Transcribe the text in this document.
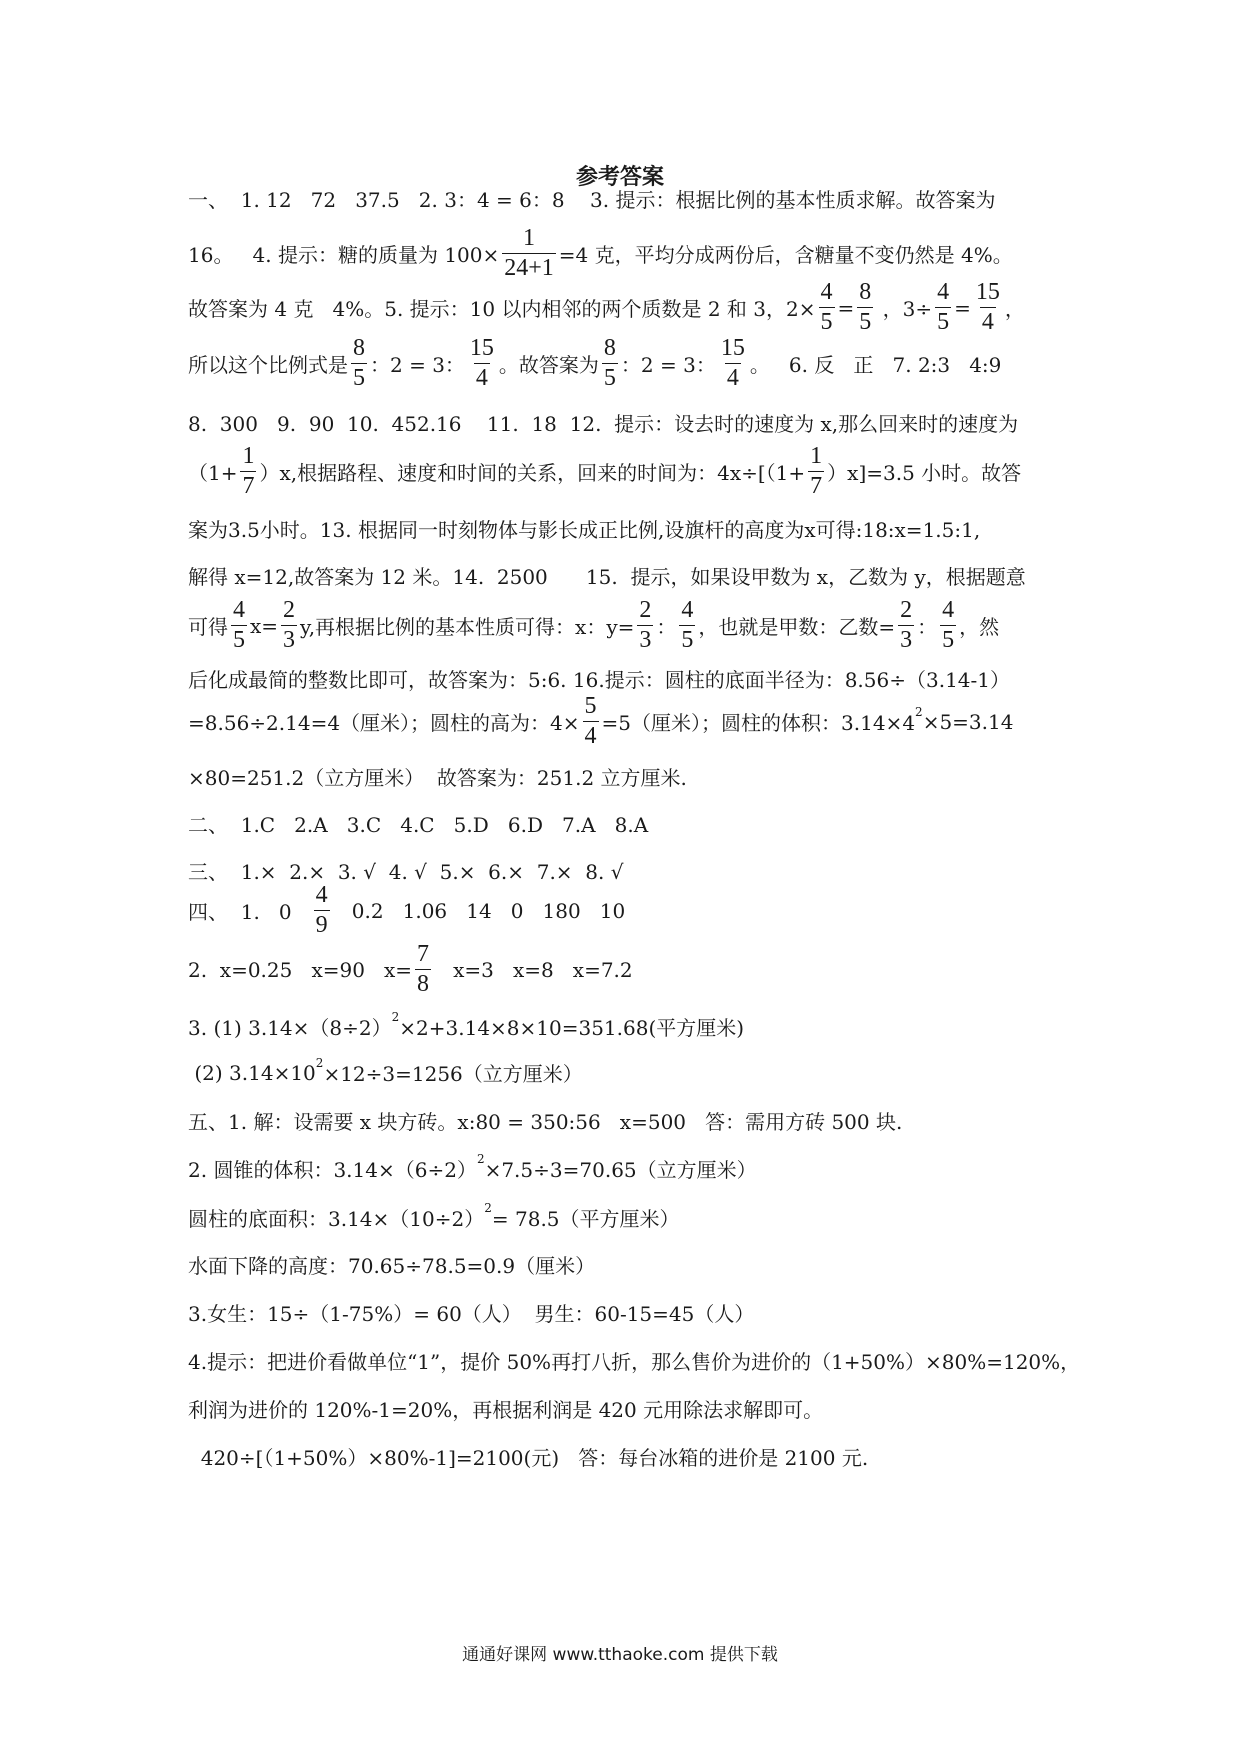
参考答案
一、  1. 12   72   37.5   2. 3：4 = 6：8    3. 提示：根据比例的基本性质求解。故答案为
16。   4. 提示：糖的质量为 $100\times \frac{1}{24+1} =4$ 克，平均分成两份后，含糖量不变仍然是 4%。
故答案为 4 克   4%。5. 提示：10 以内相邻的两个质数是 2 和 3，$2\times \frac{4}{5} = \frac{8}{5}$ ，$3\div \frac{4}{5} = \frac{15}{4}$ ，
所以这个比例式是 $\frac{8}{5}$ ：2 = 3： $\frac{15}{4}$ 。故答案为 $\frac{8}{5}$ ：2 = 3： $\frac{15}{4}$ 。   6. 反   正   7. 2:3   4:9
8.  300   9.  90  10.  452.16    11.  18  12.  提示：设去时的速度为 x,那么回来时的速度为
$(1+ \frac{1}{7} )x$,根据路程、速度和时间的关系，回来的时间为：$4x\div[(1+ \frac{1}{7} )x]=3.5$ 小时。故答
案为3.5小时。13. 根据同一时刻物体与影长成正比例,设旗杆的高度为x可得:18:x=1.5:1,
解得 x=12,故答案为 12 米。14.  2500      15.  提示，如果设甲数为 x，乙数为 y，根据题意
可得 $\frac{4}{5} x= \frac{2}{3} y$,再根据比例的基本性质可得：x：$y= \frac{2}{3}$ ： $\frac{4}{5}$ ，也就是甲数：乙数= $\frac{2}{3}$ ： $\frac{4}{5}$ ，然
后化成最简的整数比即可，故答案为：5:6. 16.提示：圆柱的底面半径为：8.56÷（3.14-1）
=8.56÷2.14=4（厘米）；圆柱的高为：$4\times \frac{5}{4} =5$（厘米）；圆柱的体积：3.14×4 2 ×5=3.14
×80=251.2（立方厘米）  故答案为：251.2 立方厘米.
二、  1.C   2.A   3.C   4.C   5.D   6.D   7.A   8.A
三、  1.×  2.×  3. √  4. √  5.×  6.×  7.×  8. √
四、  1.   $0 \frac{4}{9} 0.2$   1.06   14   0   180   10
2.  x=0.25   x=90   $x= \frac{7}{8} x=3$   x=8   x=7.2
3. (1) 3.14×（8÷2） 2 ×2+3.14×8×10=351.68(平方厘米)
(2) 3.14×10 2 ×12÷3=1256（立方厘米）
五、1. 解：设需要 x 块方砖。x:80 = 350:56   x=500   答：需用方砖 500 块.
2. 圆锥的体积：3.14×（6÷2） 2 ×7.5÷3=70.65（立方厘米）
圆柱的底面积：3.14×（10÷2） 2 = 78.5（平方厘米）
水面下降的高度：70.65÷78.5=0.9（厘米）
3.女生：15÷（1-75%）= 60（人）  男生：60-15=45（人）
4.提示：把进价看做单位“1”，提价 50%再打八折，那么售价为进价的（1+50%）×80%=120%，
利润为进价的 120%-1=20%，再根据利润是 420 元用除法求解即可。
420÷[（1+50%）×80%-1]=2100(元)   答：每台冰箱的进价是 2100 元.
通通好课网 www.tthaoke.com 提供下载
